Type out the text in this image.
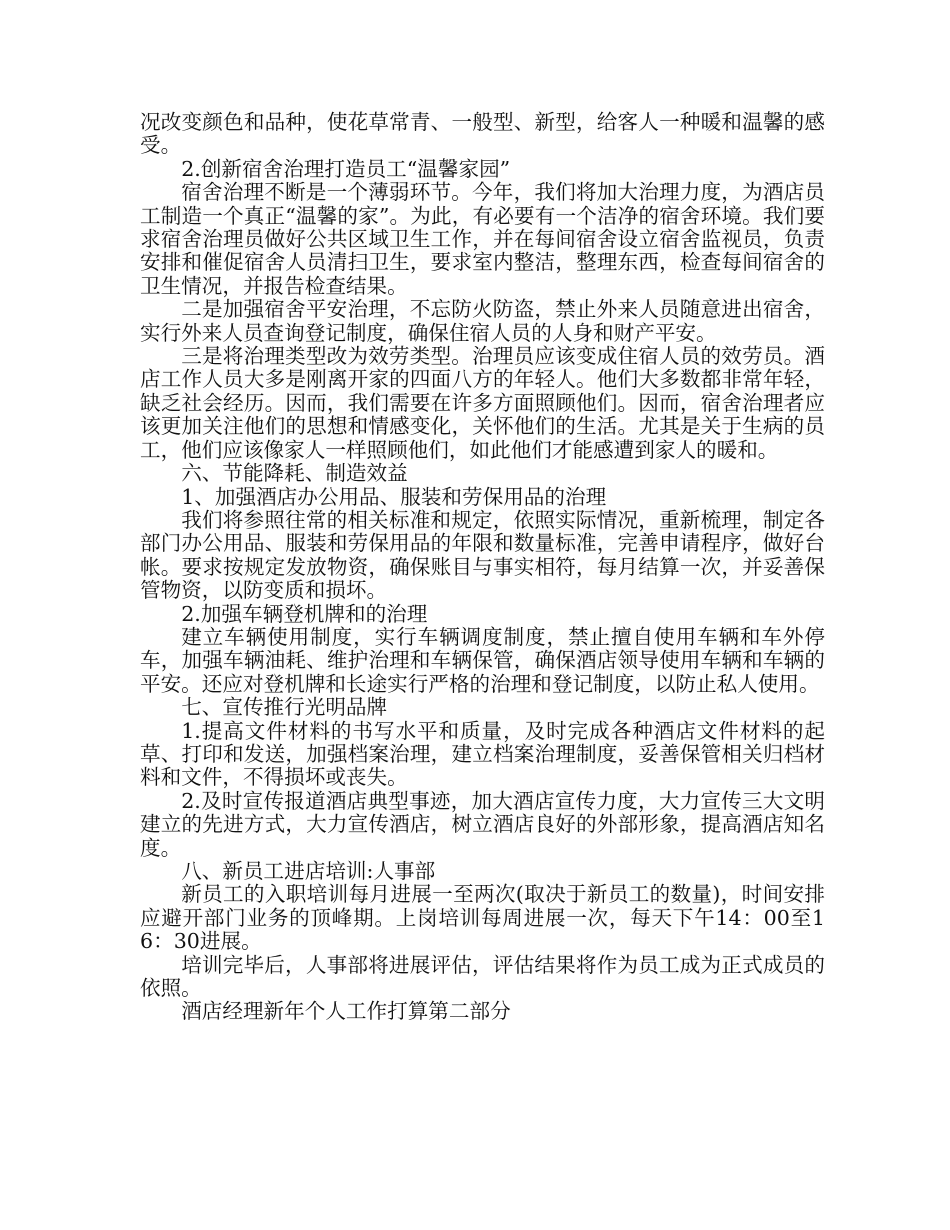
况改变颜色和品种，使花草常青、一般型、新型，给客人一种暖和温馨的感受。

2.创新宿舍治理打造员工“温馨家园”

宿舍治理不断是一个薄弱环节。今年，我们将加大治理力度，为酒店员工制造一个真正“温馨的家”。为此，有必要有一个洁净的宿舍环境。我们要求宿舍治理员做好公共区域卫生工作，并在每间宿舍设立宿舍监视员，负责安排和催促宿舍人员清扫卫生，要求室内整洁，整理东西，检查每间宿舍的卫生情况，并报告检查结果。

二是加强宿舍平安治理，不忘防火防盗，禁止外来人员随意进出宿舍，实行外来人员查询登记制度，确保住宿人员的人身和财产平安。

三是将治理类型改为效劳类型。治理员应该变成住宿人员的效劳员。酒店工作人员大多是刚离开家的四面八方的年轻人。他们大多数都非常年轻，缺乏社会经历。因而，我们需要在许多方面照顾他们。因而，宿舍治理者应该更加关注他们的思想和情感变化，关怀他们的生活。尤其是关于生病的员工，他们应该像家人一样照顾他们，如此他们才能感遭到家人的暖和。

六、节能降耗、制造效益

1、加强酒店办公用品、服装和劳保用品的治理

我们将参照往常的相关标准和规定，依照实际情况，重新梳理，制定各部门办公用品、服装和劳保用品的年限和数量标准，完善申请程序，做好台帐。要求按规定发放物资，确保账目与事实相符，每月结算一次，并妥善保管物资，以防变质和损坏。

2.加强车辆登机牌和的治理

建立车辆使用制度，实行车辆调度制度，禁止擅自使用车辆和车外停车，加强车辆油耗、维护治理和车辆保管，确保酒店领导使用车辆和车辆的平安。还应对登机牌和长途实行严格的治理和登记制度，以防止私人使用。

七、宣传推行光明品牌

1.提高文件材料的书写水平和质量，及时完成各种酒店文件材料的起草、打印和发送，加强档案治理，建立档案治理制度，妥善保管相关归档材料和文件，不得损坏或丧失。

2.及时宣传报道酒店典型事迹，加大酒店宣传力度，大力宣传三大文明建立的先进方式，大力宣传酒店，树立酒店良好的外部形象，提高酒店知名度。

八、新员工进店培训:人事部

新员工的入职培训每月进展一至两次(取决于新员工的数量)，时间安排应避开部门业务的顶峰期。上岗培训每周进展一次，每天下午14：00至16：30进展。

培训完毕后，人事部将进展评估，评估结果将作为员工成为正式成员的依照。

酒店经理新年个人工作打算第二部分
